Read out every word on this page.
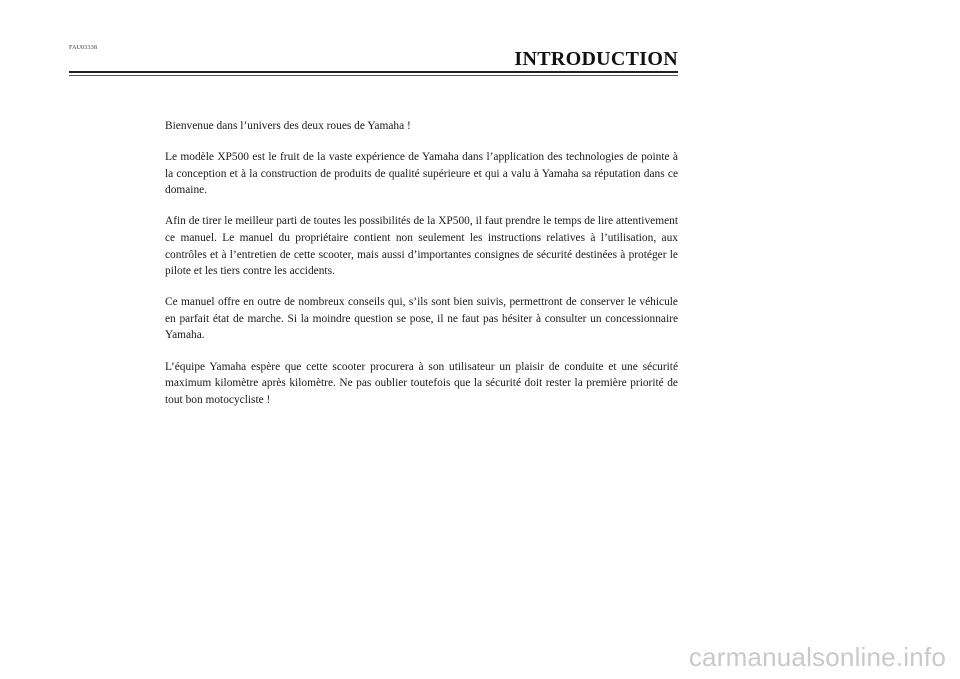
FAU03338	INTRODUCTION

Bienvenue dans l’univers des deux roues de Yamaha !

Le modèle XP500 est le fruit de la vaste expérience de Yamaha dans l’application des technologies de pointe à la conception et à la construction de produits de qualité supérieure et qui a valu à Yamaha sa réputation dans ce domaine.

Afin de tirer le meilleur parti de toutes les possibilités de la XP500, il faut prendre le temps de lire attentivement ce manuel. Le manuel du propriétaire contient non seulement les instructions relatives à l’utilisation, aux contrôles et à l’entretien de cette scooter, mais aussi d’importantes consignes de sécurité destinées à protéger le pilote et les tiers contre les accidents.

Ce manuel offre en outre de nombreux conseils qui, s’ils sont bien suivis, permettront de conserver le véhicule en parfait état de marche. Si la moindre question se pose, il ne faut pas hésiter à consulter un concessionnaire Yamaha.

L’équipe Yamaha espère que cette scooter procurera à son utilisateur un plaisir de conduite et une sécurité maximum kilomètre après kilomètre. Ne pas oublier toutefois que la sécurité doit rester la première priorité de tout bon motocycliste !

carmanualsonline.info
